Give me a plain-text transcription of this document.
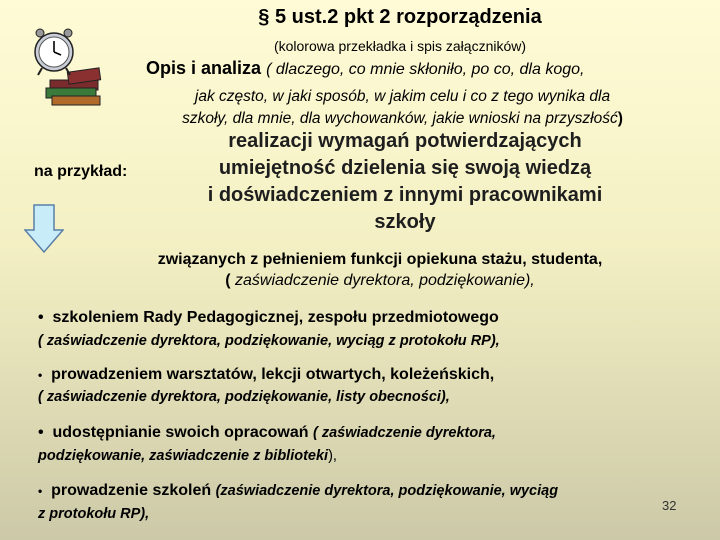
§ 5 ust.2 pkt 2 rozporządzenia
(kolorowa przekładka i spis załączników)
Opis i analiza ( dlaczego, co mnie skłoniło, po co, dla kogo,
jak często, w jaki sposób, w jakim celu i co z tego wynika dla
szkoły, dla mnie, dla wychowanków, jakie wnioski na przyszłość)
realizacji wymagań potwierdzających
umiejętność dzielenia się swoją wiedzą
i doświadczeniem z innymi pracownikami
szkoły
na przykład:
związanych z pełnieniem funkcji opiekuna stażu, studenta,
( zaświadczenie dyrektora, podziękowanie),
• szkoleniem Rady Pedagogicznej, zespołu przedmiotowego
( zaświadczenie dyrektora, podziękowanie, wyciąg z protokołu RP),
• prowadzeniem warsztatów, lekcji otwartych, koleżeńskich,
( zaświadczenie dyrektora, podziękowanie, listy obecności),
• udostępnianie swoich opracowań ( zaświadczenie dyrektora,
podziękowanie, zaświadczenie z biblioteki),
• prowadzenie szkoleń (zaświadczenie dyrektora, podziękowanie, wyciąg
z protokołu RP),
32
